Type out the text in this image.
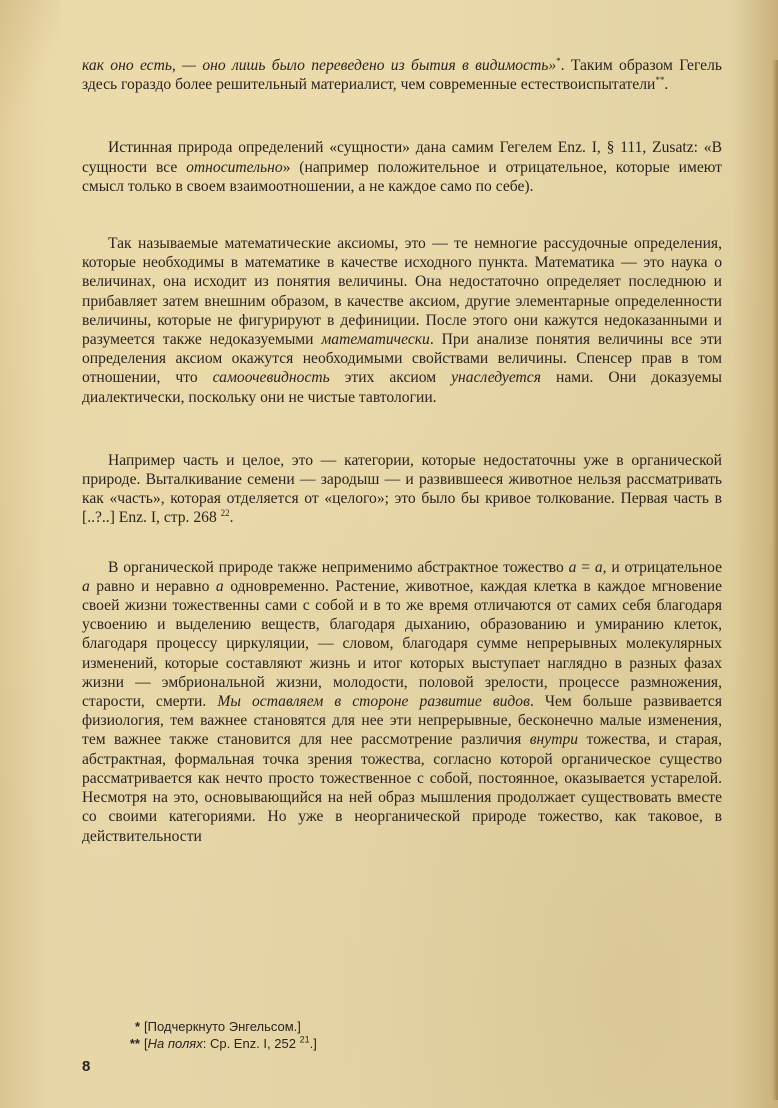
как оно есть, — оно лишь было переведено из бытия в видимость»*. Таким образом Гегель здесь гораздо более решительный материалист, чем современные естествоиспытатели**.

Истинная природа определений «сущности» дана самим Гегелем Enz. I, § 111, Zusatz: «В сущности все относительно» (например положительное и отрицательное, которые имеют смысл только в своем взаимоотношении, а не каждое само по себе).

Так называемые математические аксиомы, это — те немногие рассудочные определения, которые необходимы в математике в качестве исходного пункта. Математика — это наука о величинах, она исходит из понятия величины. Она недостаточно определяет последнюю и прибавляет затем внешним образом, в качестве аксиом, другие элементарные определенности величины, которые не фигурируют в дефиниции. После этого они кажутся недоказанными и разумеется также недоказуемыми математически. При анализе понятия величины все эти определения аксиом окажутся необходимыми свойствами величины. Спенсер прав в том отношении, что самоочевидность этих аксиом унаследуется нами. Они доказуемы диалектически, поскольку они не чистые тавтологии.

Например часть и целое, это — категории, которые недостаточны уже в органической природе. Выталкивание семени — зародыш — и развившееся животное нельзя рассматривать как «часть», которая отделяется от «целого»; это было бы кривое толкование. Первая часть в [..?..] Enz. I, стр. 268 $^{22}$.

В органической природе также неприменимо абстрактное тожество a = a, и отрицательное a равно и неравно a одновременно. Растение, животное, каждая клетка в каждое мгновение своей жизни тожественны сами с собой и в то же время отличаются от самих себя благодаря усвоению и выделению веществ, благодаря дыханию, образованию и умиранию клеток, благодаря процессу циркуляции, — словом, благодаря сумме непрерывных молекулярных изменений, которые составляют жизнь и итог которых выступает наглядно в разных фазах жизни — эмбриональной жизни, молодости, половой зрелости, процессе размножения, старости, смерти. Мы оставляем в стороне развитие видов. Чем больше развивается физиология, тем важнее становятся для нее эти непрерывные, бесконечно малые изменения, тем важнее также становится для нее рассмотрение различия внутри тожества, и старая, абстрактная, формальная точка зрения тожества, согласно которой органическое существо рассматривается как нечто просто тожественное с собой, постоянное, оказывается устарелой. Несмотря на это, основывающийся на ней образ мышления продолжает существовать вместе со своими категориями. Но уже в неорганической природе тожество, как таковое, в действительности

* [Подчеркнуто Энгельсом.]

** [На полях: Ср. Enz. I, 252 $^{21}$.]

8
